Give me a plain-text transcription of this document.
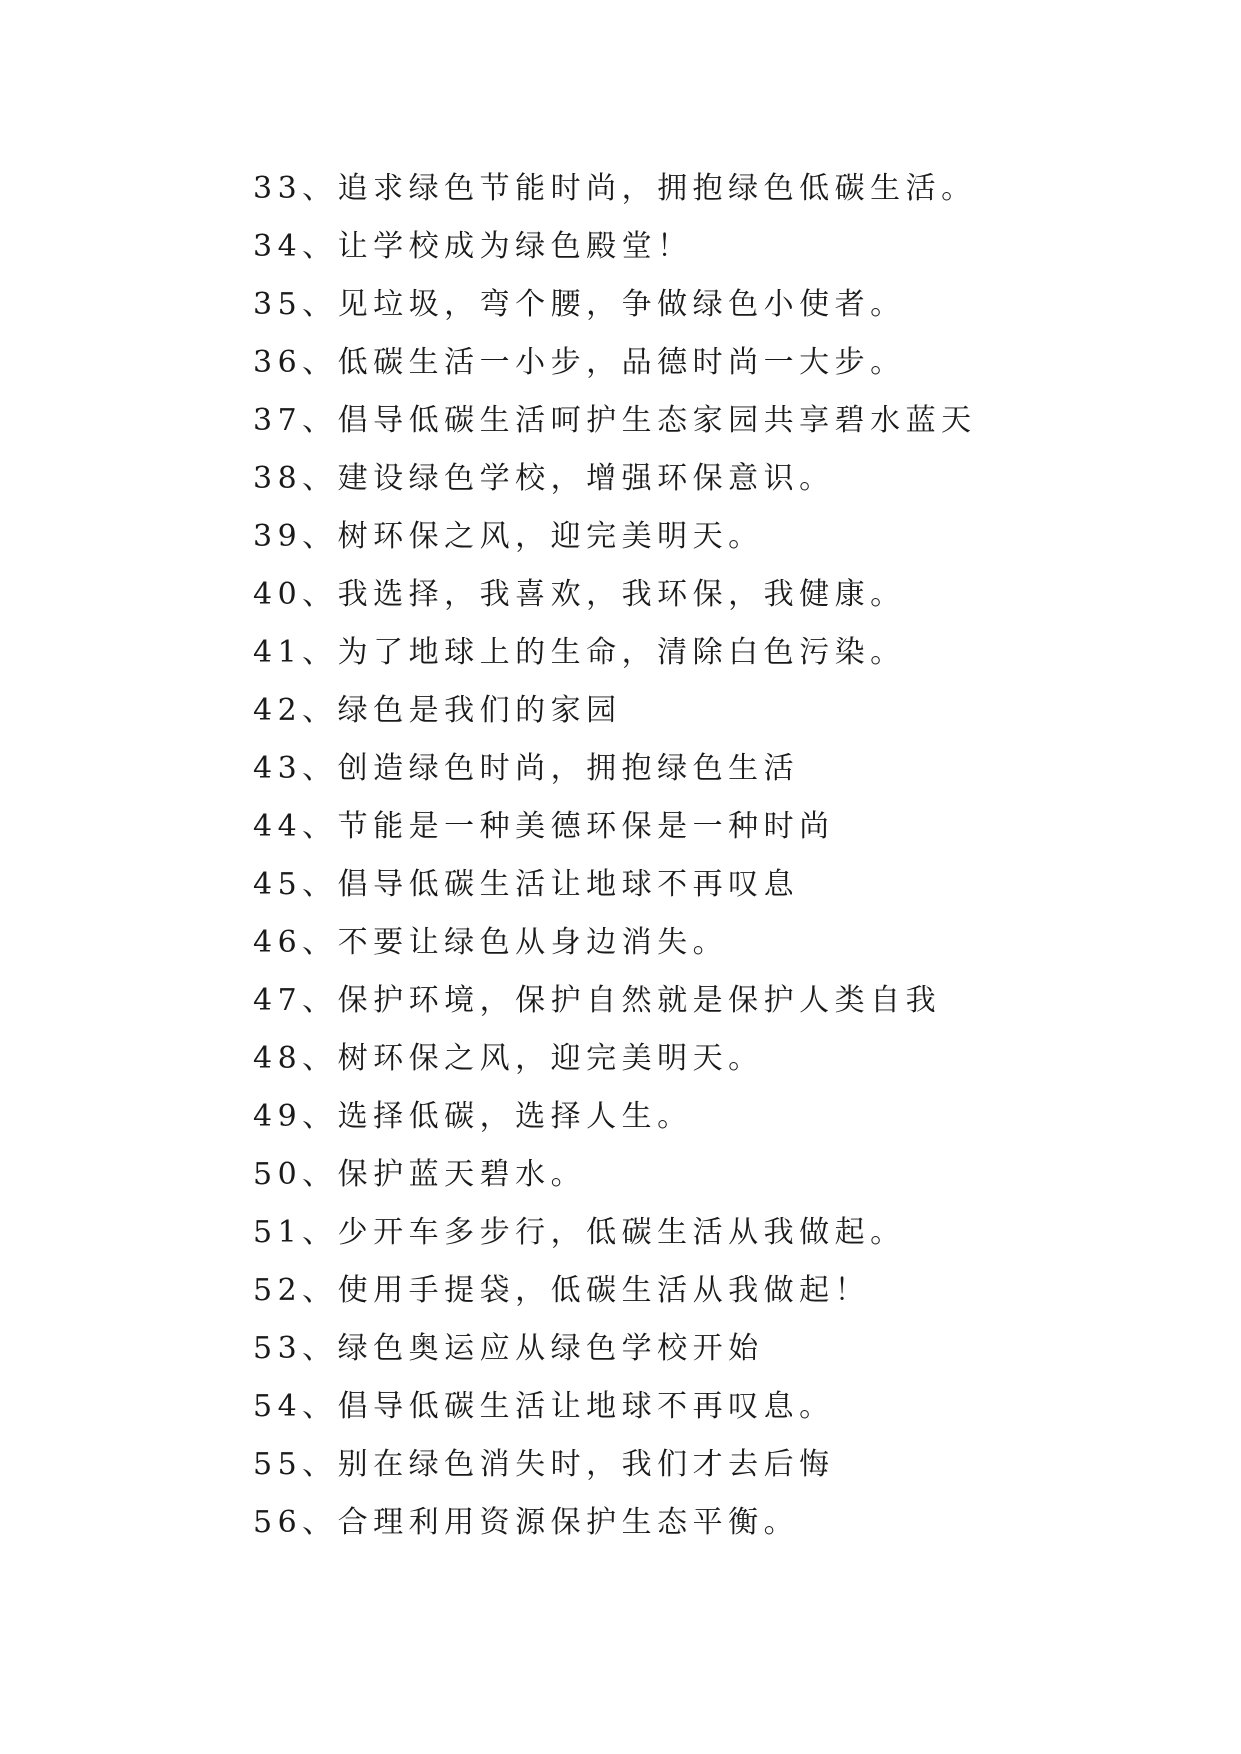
33、追求绿色节能时尚，拥抱绿色低碳生活。
34、让学校成为绿色殿堂！
35、见垃圾，弯个腰，争做绿色小使者。
36、低碳生活一小步，品德时尚一大步。
37、倡导低碳生活呵护生态家园共享碧水蓝天
38、建设绿色学校，增强环保意识。
39、树环保之风，迎完美明天。
40、我选择，我喜欢，我环保，我健康。
41、为了地球上的生命，清除白色污染。
42、绿色是我们的家园
43、创造绿色时尚，拥抱绿色生活
44、节能是一种美德环保是一种时尚
45、倡导低碳生活让地球不再叹息
46、不要让绿色从身边消失。
47、保护环境，保护自然就是保护人类自我
48、树环保之风，迎完美明天。
49、选择低碳，选择人生。
50、保护蓝天碧水。
51、少开车多步行，低碳生活从我做起。
52、使用手提袋，低碳生活从我做起！
53、绿色奥运应从绿色学校开始
54、倡导低碳生活让地球不再叹息。
55、别在绿色消失时，我们才去后悔
56、合理利用资源保护生态平衡。
